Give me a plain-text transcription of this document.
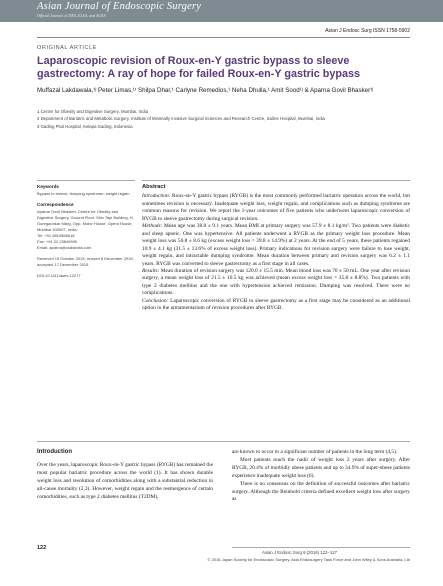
Asian Journal of Endoscopic Surgery
Official Journal of JSES, ELSA, and ACES
Asian J Endosc Surg ISSN 1758-5902
ORIGINAL ARTICLE
Laparoscopic revision of Roux-en-Y gastric bypass to sleeve gastrectomy: A ray of hope for failed Roux-en-Y gastric bypass
Muffazal Lakdawala,¹ʲ Peter Limas,¹ʳ Shilpa Dhar,¹ Carlyne Remedios,¹ Neha Dhulla,¹ Amit Sood¹ʲ & Aparna Govil Bhasker¹ʲ
1 Centre for Obesity and Digestive Surgery, Mumbai, India
2 Department of Bariatric and Metabolic Surgery, Institute of Minimally Invasive Surgical Sciences and Research Centre, Saifee Hospital, Mumbai, India
3 Gading Pluit Hospital, Kelapa Gading, Indonesia
Keywords
Bypass to sleeve; dumping syndrome; weight regain
Correspondence
Aparna Govil Bhasker, Centre for Obesity and Digestive Surgery, Ground Floor, Shiv Tapi Building, H. Goregaonkar Marg, Opp. Motor House, Opera House, Mumbai 400007, India.
Tel: +91 9819566618
Fax: +91 22 23649930
Email: aparna@codsindia.com
Received 19 October 2015; revised 8 December 2015; accepted 17 December 2015
DOI:10.1111/ases.12277
Abstract

Introduction: Roux-en-Y gastric bypass (RYGB) is the most commonly performed bariatric operation across the world, but sometimes revision is necessary. Inadequate weight loss, weight regain, and complications such as dumping syndrome are common reasons for revision. We report the 1-year outcomes of five patients who underwent laparoscopic conversion of RYGB to sleeve gastrectomy during surgical revision.

Methods: Mean age was 38.8 ± 9.1 years. Mean BMI at primary surgery was 57.9 ± 8.1 kg/m². Two patients were diabetic and sleep apneic. One was hypertensive. All patients underwent a RYGB as the primary weight loss procedure. Mean weight loss was 56.8 ± 8.6 kg (excess weight loss = 39.8 ± 14.9%) at 2 years. At the end of 5 years, these patients regained 10.9 ± 4.1 kg (31.5 ± 13.6% of excess weight loss). Primary indications for revision surgery were failure to lose weight, weight regain, and intractable dumping syndrome. Mean duration between primary and revision surgery was 6.2 ± 1.1 years. RYGB was converted to sleeve gastrectomy as a first stage in all cases.

Results: Mean duration of revision surgery was 120.0 ± 15.5 min. Mean blood loss was 70 ± 50 mL. One year after revision surgery, a mean weight loss of 21.5 ± 10.5 kg was achieved (mean excess weight loss = 35.8 ± 8.8%). Two patients with type 2 diabetes mellitus and the one with hypertension achieved remission. Dumping was resolved. There were no complications.

Conclusion: Laparoscopic conversion of RYGB to sleeve gastrectomy as a first stage may be considered as an additional option in the armamentarium of revision procedures after RYGB.

Introduction

Over the years, laparoscopic Roux-en-Y gastric bypass (RYGB) has remained the most popular bariatric procedure across the world (1). It has shown durable weight loss and resolution of comorbidities along with a substantial reduction in all-cause mortality (2,3). However, weight regain and the reemergence of certain comorbidities, such as type 2 diabetes mellitus (T2DM),

are known to occur in a significant number of patients in the long term (4,5).

Most patients reach the nadir of weight loss 2 years after surgery. After RYGB, 20.4% of morbidly obese patients and up to 34.9% of super-obese patients experience inadequate weight loss (6).

There is no consensus on the definition of successful outcomes after bariatric surgery. Although the Reinhold criteria defined excellent weight loss after surgery as

122
Asian J Endosc Surg 9 (2016) 122–127
© 2016 Japan Society for Endoscopic Surgery, Asia Endosurgery Task Force and John Wiley & Sons Australia, Ltd
